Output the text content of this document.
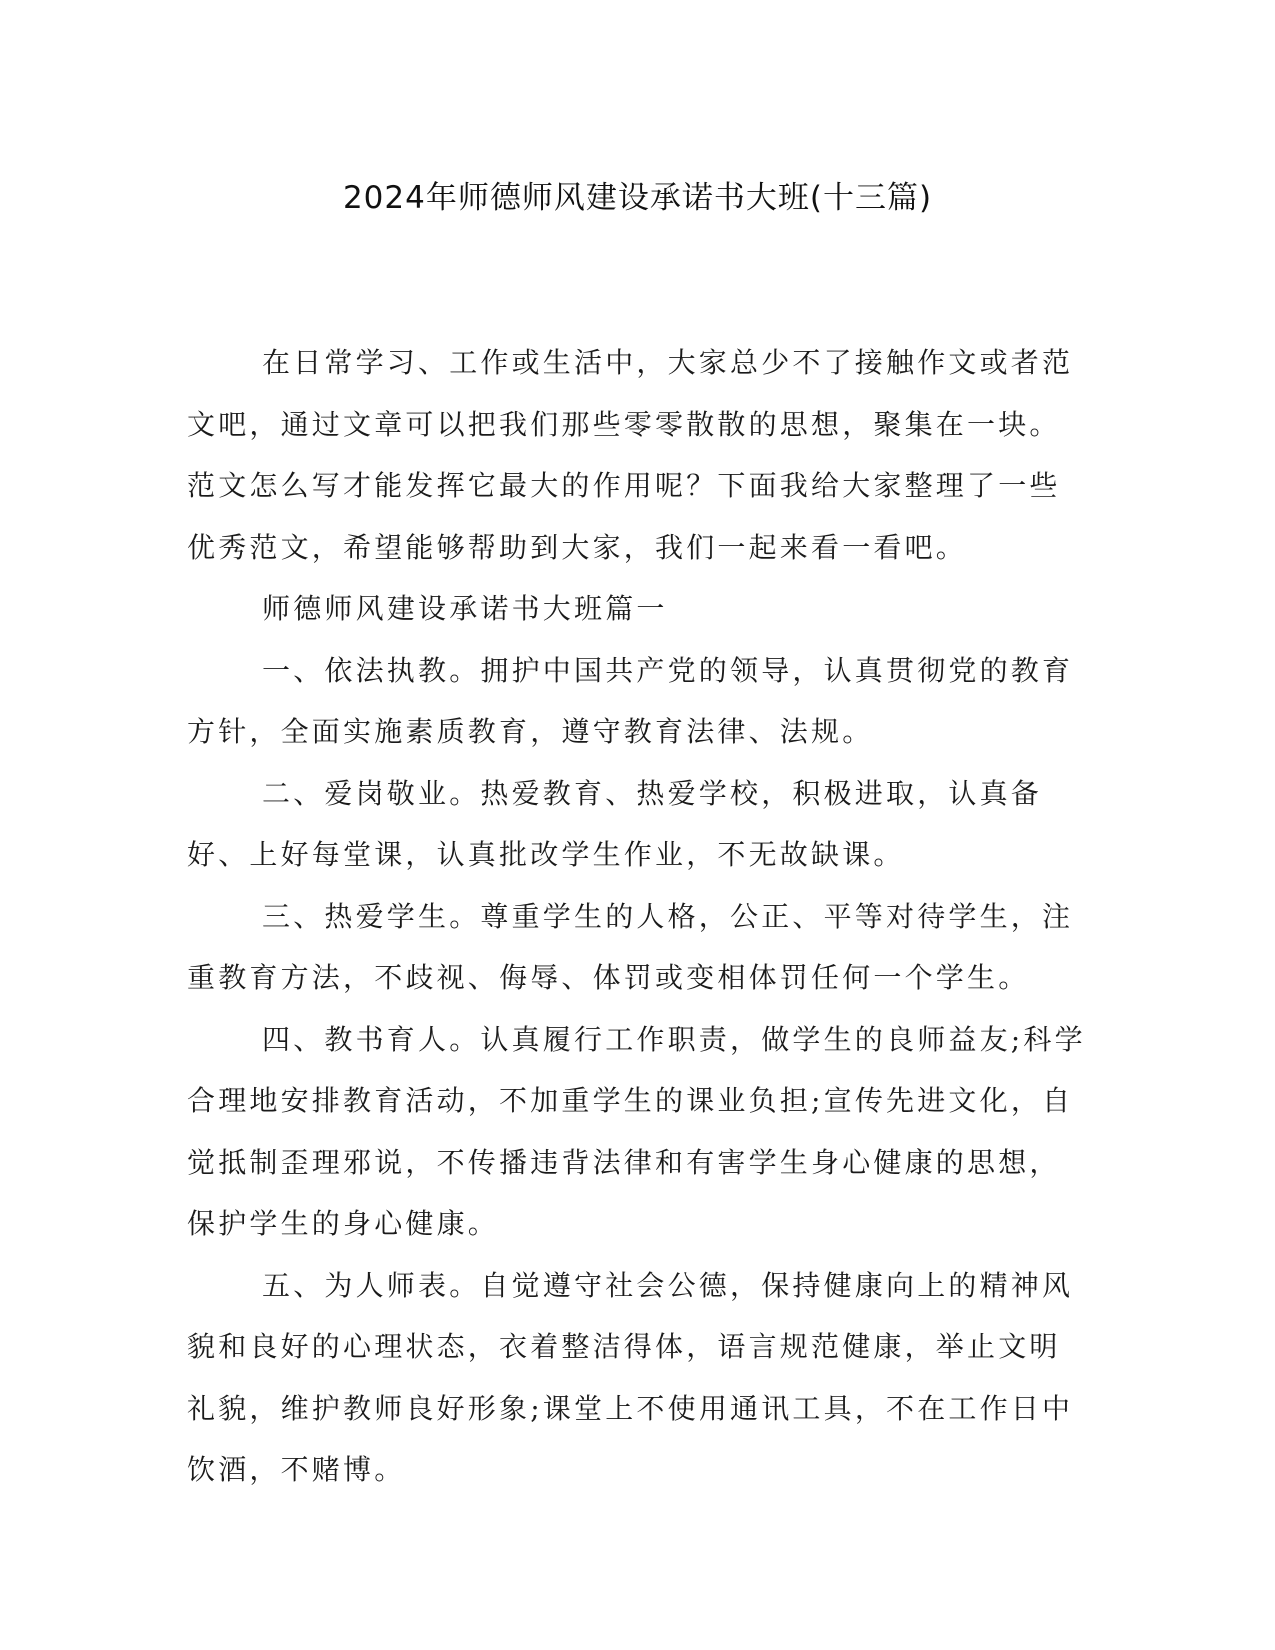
2024年师德师风建设承诺书大班(十三篇)

在日常学习、工作或生活中，大家总少不了接触作文或者范文吧，通过文章可以把我们那些零零散散的思想，聚集在一块。范文怎么写才能发挥它最大的作用呢？下面我给大家整理了一些优秀范文，希望能够帮助到大家，我们一起来看一看吧。

师德师风建设承诺书大班篇一

一、依法执教。拥护中国共产党的领导，认真贯彻党的教育方针，全面实施素质教育，遵守教育法律、法规。

二、爱岗敬业。热爱教育、热爱学校，积极进取，认真备好、上好每堂课，认真批改学生作业，不无故缺课。

三、热爱学生。尊重学生的人格，公正、平等对待学生，注重教育方法，不歧视、侮辱、体罚或变相体罚任何一个学生。

四、教书育人。认真履行工作职责，做学生的良师益友;科学合理地安排教育活动，不加重学生的课业负担;宣传先进文化，自觉抵制歪理邪说，不传播违背法律和有害学生身心健康的思想，保护学生的身心健康。

五、为人师表。自觉遵守社会公德，保持健康向上的精神风貌和良好的心理状态，衣着整洁得体，语言规范健康，举止文明礼貌，维护教师良好形象;课堂上不使用通讯工具，不在工作日中饮酒，不赌博。
